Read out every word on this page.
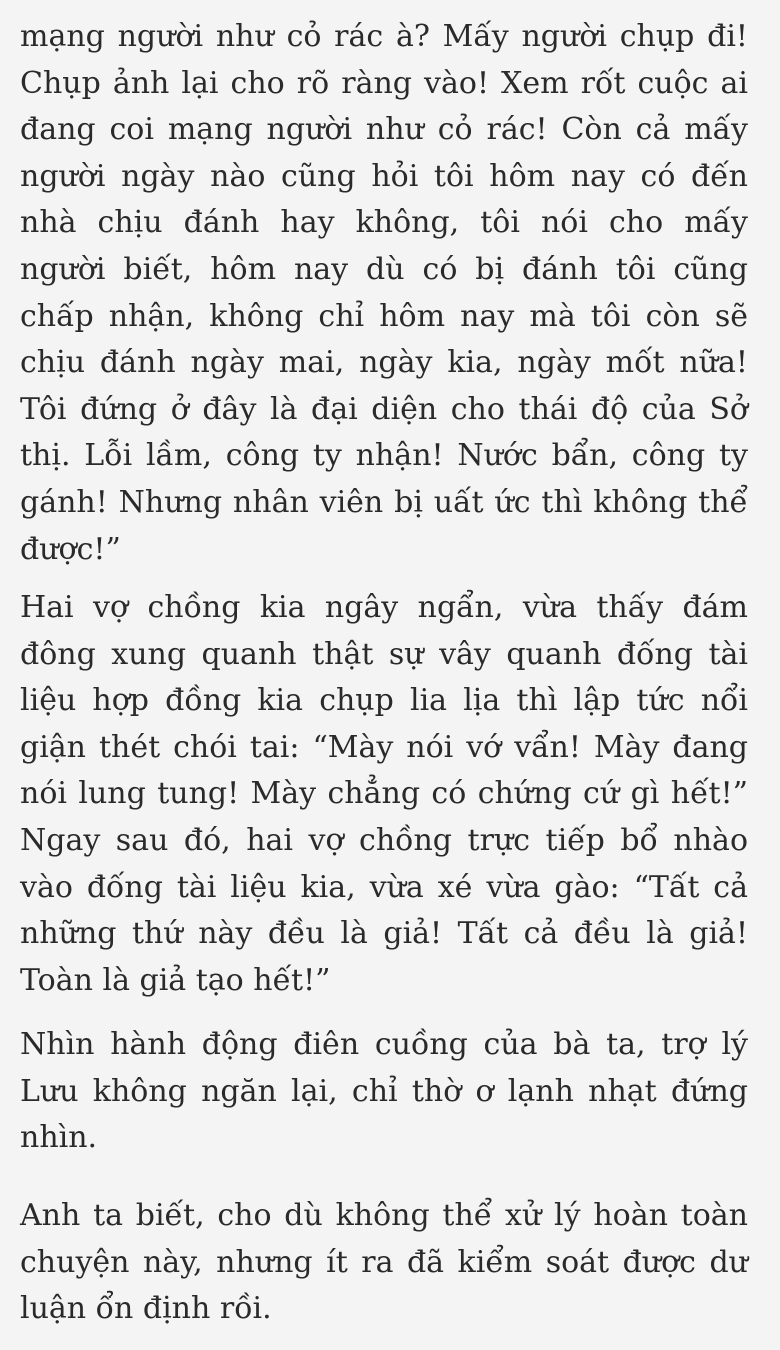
mạng người như cỏ rác à? Mấy người chụp đi!
Chụp ảnh lại cho rõ ràng vào! Xem rốt cuộc ai
đang coi mạng người như cỏ rác! Còn cả mấy
người ngày nào cũng hỏi tôi hôm nay có đến
nhà chịu đánh hay không, tôi nói cho mấy
người biết, hôm nay dù có bị đánh tôi cũng
chấp nhận, không chỉ hôm nay mà tôi còn sẽ
chịu đánh ngày mai, ngày kia, ngày mốt nữa!
Tôi đứng ở đây là đại diện cho thái độ của Sở
thị. Lỗi lầm, công ty nhận! Nước bẩn, công ty
gánh! Nhưng nhân viên bị uất ức thì không thể
được!”
Hai vợ chồng kia ngây ngẩn, vừa thấy đám
đông xung quanh thật sự vây quanh đống tài
liệu hợp đồng kia chụp lia lịa thì lập tức nổi
giận thét chói tai: “Mày nói vớ vẩn! Mày đang
nói lung tung! Mày chẳng có chứng cứ gì hết!”
Ngay sau đó, hai vợ chồng trực tiếp bổ nhào
vào đống tài liệu kia, vừa xé vừa gào: “Tất cả
những thứ này đều là giả! Tất cả đều là giả!
Toàn là giả tạo hết!”
Nhìn hành động điên cuồng của bà ta, trợ lý
Lưu không ngăn lại, chỉ thờ ơ lạnh nhạt đứng
nhìn.
Anh ta biết, cho dù không thể xử lý hoàn toàn
chuyện này, nhưng ít ra đã kiểm soát được dư
luận ổn định rồi.
